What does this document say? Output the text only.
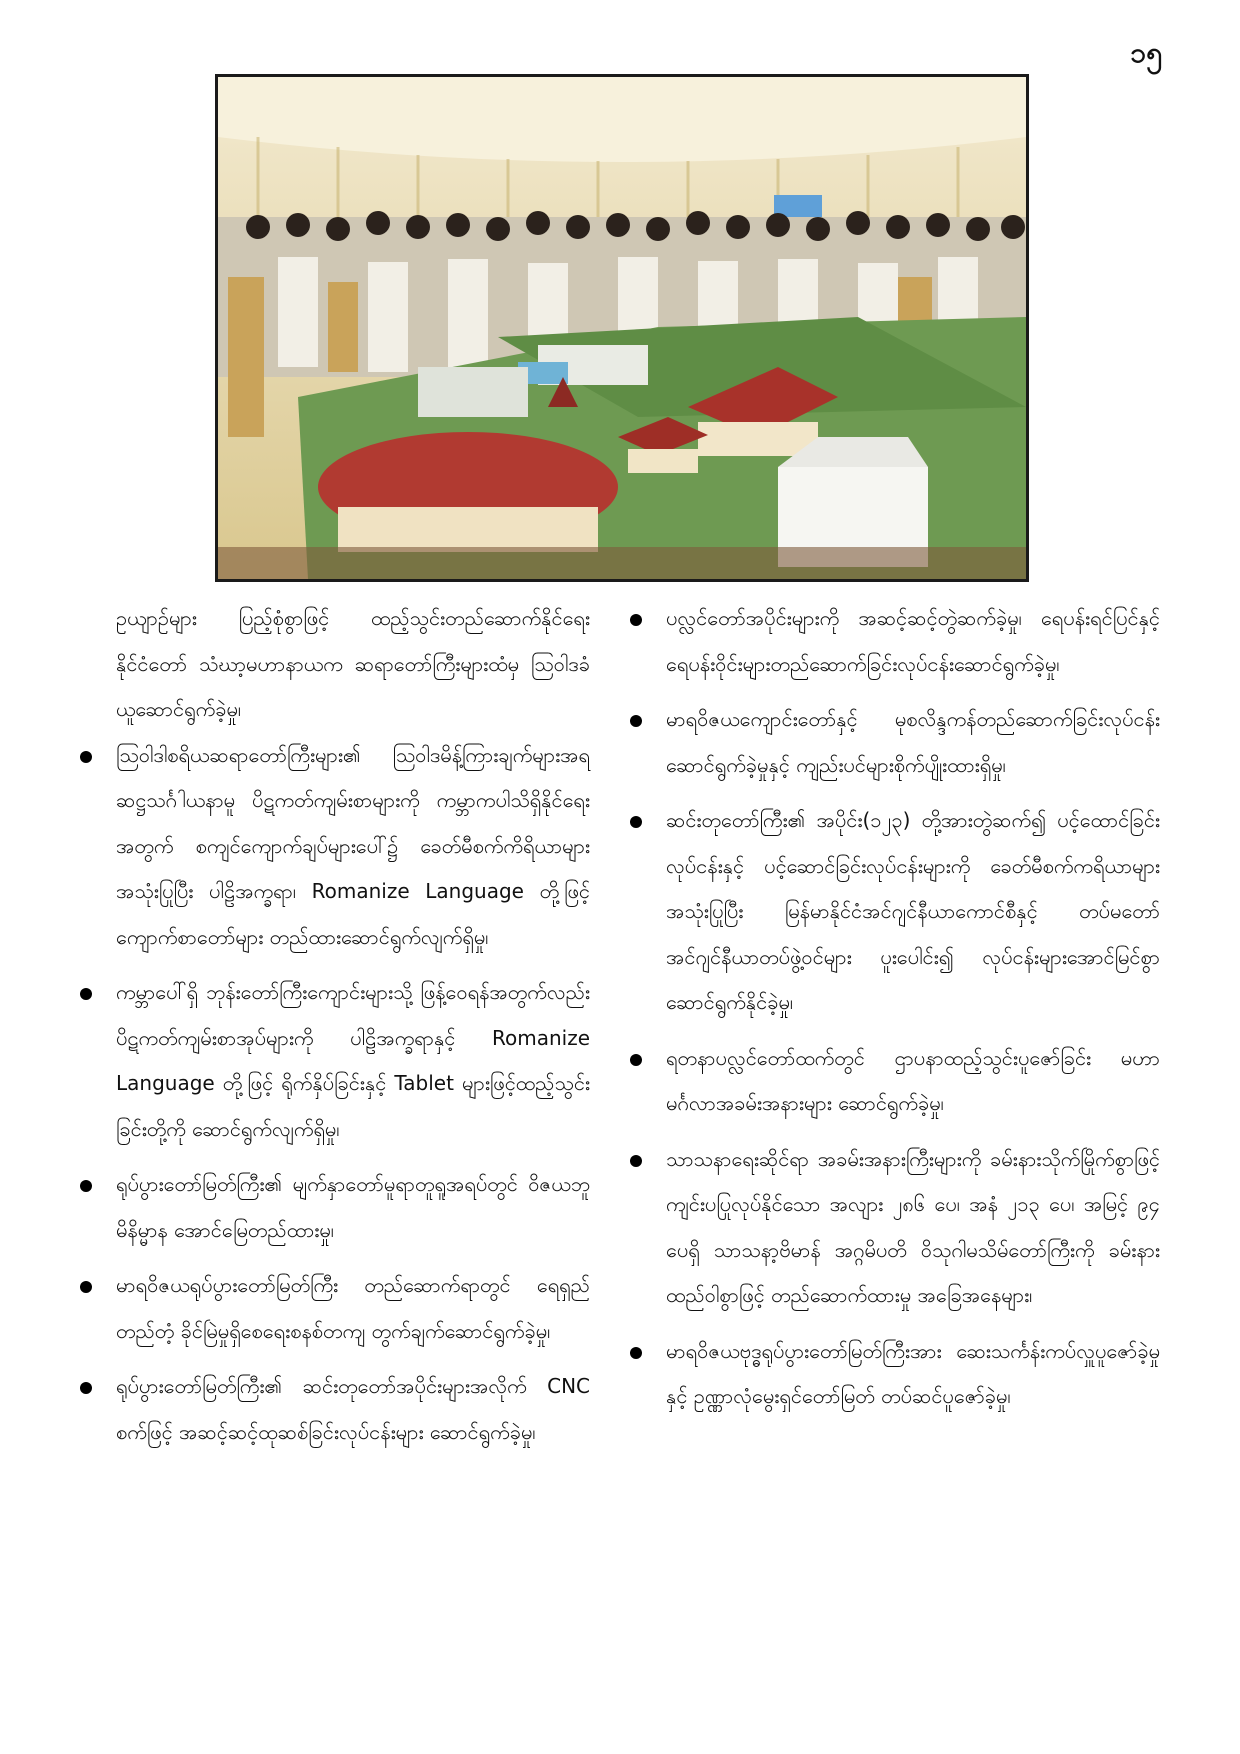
၁၅

ဥယျာဉ်များ ပြည့်စုံစွာဖြင့် ထည့်သွင်းတည်ဆောက်နိုင်ရေး နိုင်ငံတော် သံဃာ့မဟာနာယက ဆရာတော်ကြီးများထံမှ ဩဝါဒခံယူဆောင်ရွက်ခဲ့မှု၊

ဩဝါဒါစရိယဆရာတော်ကြီးများ၏ ဩဝါဒမိန့်ကြားချက်များအရ ဆဋ္ဌသင်္ဂါယနာမူ ပိဋကတ်ကျမ်းစာများကို ကမ္ဘာကပါသိရှိနိုင်ရေးအတွက် စကျင်ကျောက်ချပ်များပေါ်၌ ခေတ်မီစက်ကိရိယာများ အသုံးပြုပြီး ပါဠိအက္ခရာ၊ Romanize Language တို့ဖြင့် ကျောက်စာတော်များ တည်ထားဆောင်ရွက်လျက်ရှိမှု၊
ကမ္ဘာပေါ်ရှိ ဘုန်းတော်ကြီးကျောင်းများသို့ ဖြန့်ဝေရန်အတွက်လည်း ပိဋကတ်ကျမ်းစာအုပ်များကို ပါဠိအက္ခရာနှင့် Romanize Language တို့ဖြင့် ရိုက်နှိပ်ခြင်းနှင့် Tablet များဖြင့်ထည့်သွင်းခြင်းတို့ကို ဆောင်ရွက်လျက်ရှိမှု၊
ရုပ်ပွားတော်မြတ်ကြီး၏ မျက်နှာတော်မူရာတူရူအရပ်တွင် ဝိဇယဘူမိနိမ္မာန အောင်မြေတည်ထားမှု၊
မာရဝိဇယရုပ်ပွားတော်မြတ်ကြီး တည်ဆောက်ရာတွင် ရေရှည်တည်တံ့ ခိုင်မြဲမှုရှိစေရေးစနစ်တကျ တွက်ချက်ဆောင်ရွက်ခဲ့မှု၊
ရုပ်ပွားတော်မြတ်ကြီး၏ ဆင်းတုတော်အပိုင်းများအလိုက် CNC စက်ဖြင့် အဆင့်ဆင့်ထုဆစ်ခြင်းလုပ်ငန်းများ ဆောင်ရွက်ခဲ့မှု၊
ပလ္လင်တော်အပိုင်းများကို အဆင့်ဆင့်တွဲဆက်ခဲ့မှု၊ ရေပန်းရင်ပြင်နှင့် ရေပန်းဝိုင်းများတည်ဆောက်ခြင်းလုပ်ငန်းဆောင်ရွက်ခဲ့မှု၊
မာရဝိဇယကျောင်းတော်နှင့် မုစလိန္ဒကန်တည်ဆောက်ခြင်းလုပ်ငန်း ဆောင်ရွက်ခဲ့မှုနှင့် ကျည်းပင်များစိုက်ပျိုးထားရှိမှု၊
ဆင်းတုတော်ကြီး၏ အပိုင်း(၁၂၃) တို့အားတွဲဆက်၍ ပင့်ထောင်ခြင်းလုပ်ငန်းနှင့် ပင့်ဆောင်ခြင်းလုပ်ငန်းများကို ခေတ်မီစက်ကရိယာများအသုံးပြုပြီး မြန်မာနိုင်ငံအင်ဂျင်နီယာကောင်စီနှင့် တပ်မတော်အင်ဂျင်နီယာတပ်ဖွဲ့ဝင်များ ပူးပေါင်း၍ လုပ်ငန်းများအောင်မြင်စွာဆောင်ရွက်နိုင်ခဲ့မှု၊
ရတနာပလ္လင်တော်ထက်တွင် ဌာပနာထည့်သွင်းပူဇော်ခြင်း မဟာမင်္ဂလာအခမ်းအနားများ ဆောင်ရွက်ခဲ့မှု၊
သာသနာရေးဆိုင်ရာ အခမ်းအနားကြီးများကို ခမ်းနားသိုက်မြိုက်စွာဖြင့် ကျင်းပပြုလုပ်နိုင်သော အလျား ၂၈၆ ပေ၊ အနံ ၂၁၃ ပေ၊ အမြင့် ၉၄ ပေရှိ သာသနာ့ဗိမာန် အဂ္ဂမိပတိ ဝိသုဂါမသိမ်တော်ကြီးကို ခမ်းနားထည်ဝါစွာဖြင့် တည်ဆောက်ထားမှု အခြေအနေများ၊
မာရဝိဇယဗုဒ္ဓရုပ်ပွားတော်မြတ်ကြီးအား ဆေးသင်္ကန်းကပ်လှူပူဇော်ခဲ့မှုနှင့် ဥဏ္ဏာလုံမွေးရှင်တော်မြတ် တပ်ဆင်ပူဇော်ခဲ့မှု၊
